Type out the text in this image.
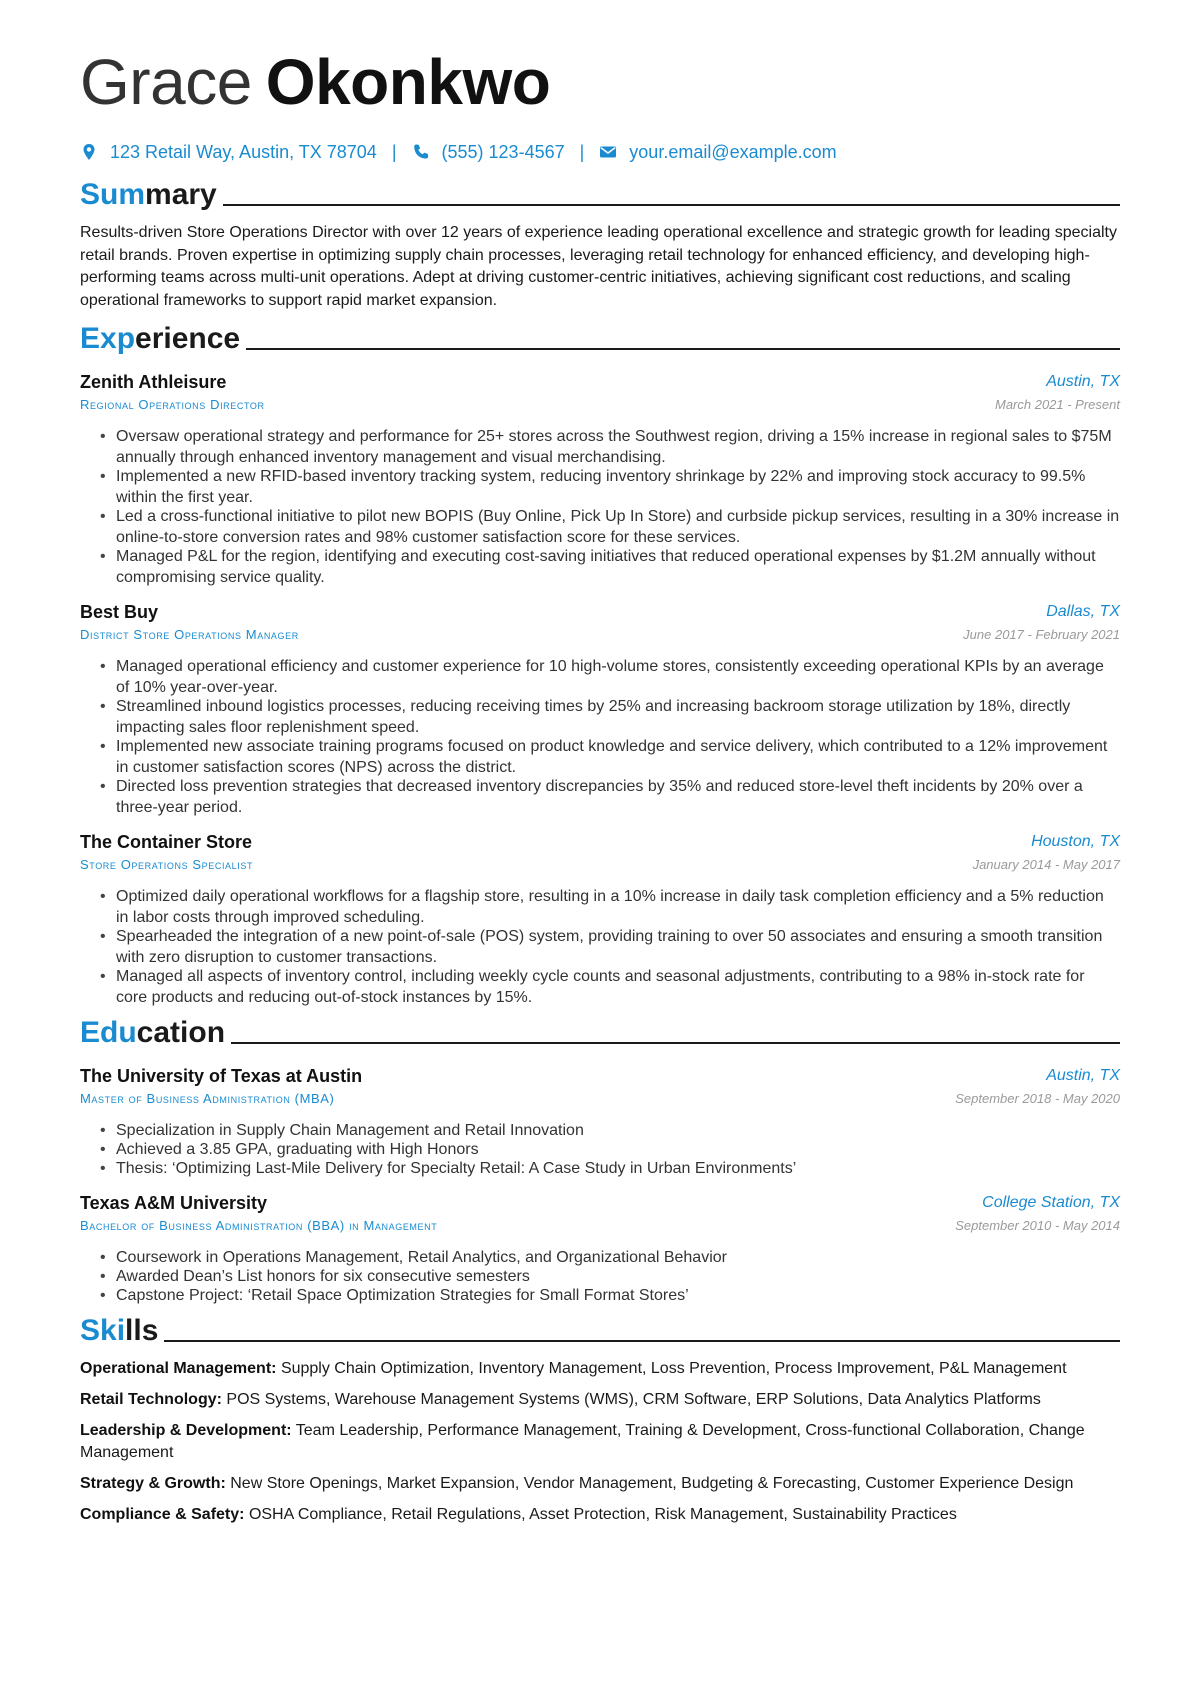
Grace Okonkwo
123 Retail Way, Austin, TX 78704 |	(555) 123-4567 |	your.email@example.com
Summary
Results-driven Store Operations Director with over 12 years of experience leading operational excellence and strategic growth for leading specialty retail brands. Proven expertise in optimizing supply chain processes, leveraging retail technology for enhanced efficiency, and developing high-performing teams across multi-unit operations. Adept at driving customer-centric initiatives, achieving significant cost reductions, and scaling operational frameworks to support rapid market expansion.
Experience
Zenith Athleisure	Austin, TX
Regional Operations Director	March 2021 - Present
• Oversaw operational strategy and performance for 25+ stores across the Southwest region, driving a 15% increase in regional sales to $75M annually through enhanced inventory management and visual merchandising.
• Implemented a new RFID-based inventory tracking system, reducing inventory shrinkage by 22% and improving stock accuracy to 99.5% within the first year.
• Led a cross-functional initiative to pilot new BOPIS (Buy Online, Pick Up In Store) and curbside pickup services, resulting in a 30% increase in online-to-store conversion rates and 98% customer satisfaction score for these services.
• Managed P&L for the region, identifying and executing cost-saving initiatives that reduced operational expenses by $1.2M annually without compromising service quality.
Best Buy	Dallas, TX
District Store Operations Manager	June 2017 - February 2021
• Managed operational efficiency and customer experience for 10 high-volume stores, consistently exceeding operational KPIs by an average of 10% year-over-year.
• Streamlined inbound logistics processes, reducing receiving times by 25% and increasing backroom storage utilization by 18%, directly impacting sales floor replenishment speed.
• Implemented new associate training programs focused on product knowledge and service delivery, which contributed to a 12% improvement in customer satisfaction scores (NPS) across the district.
• Directed loss prevention strategies that decreased inventory discrepancies by 35% and reduced store-level theft incidents by 20% over a three-year period.
The Container Store	Houston, TX
Store Operations Specialist	January 2014 - May 2017
• Optimized daily operational workflows for a flagship store, resulting in a 10% increase in daily task completion efficiency and a 5% reduction in labor costs through improved scheduling.
• Spearheaded the integration of a new point-of-sale (POS) system, providing training to over 50 associates and ensuring a smooth transition with zero disruption to customer transactions.
• Managed all aspects of inventory control, including weekly cycle counts and seasonal adjustments, contributing to a 98% in-stock rate for core products and reducing out-of-stock instances by 15%.
Education
The University of Texas at Austin	Austin, TX
Master of Business Administration (MBA)	September 2018 - May 2020
• Specialization in Supply Chain Management and Retail Innovation
• Achieved a 3.85 GPA, graduating with High Honors
• Thesis: ‘Optimizing Last-Mile Delivery for Specialty Retail: A Case Study in Urban Environments’
Texas A&M University	College Station, TX
Bachelor of Business Administration (BBA) in Management	September 2010 - May 2014
• Coursework in Operations Management, Retail Analytics, and Organizational Behavior
• Awarded Dean’s List honors for six consecutive semesters
• Capstone Project: ‘Retail Space Optimization Strategies for Small Format Stores’
Skills
Operational Management: Supply Chain Optimization, Inventory Management, Loss Prevention, Process Improvement, P&L Management
Retail Technology: POS Systems, Warehouse Management Systems (WMS), CRM Software, ERP Solutions, Data Analytics Platforms
Leadership & Development: Team Leadership, Performance Management, Training & Development, Cross-functional Collaboration, Change Management
Strategy & Growth: New Store Openings, Market Expansion, Vendor Management, Budgeting & Forecasting, Customer Experience Design
Compliance & Safety: OSHA Compliance, Retail Regulations, Asset Protection, Risk Management, Sustainability Practices
